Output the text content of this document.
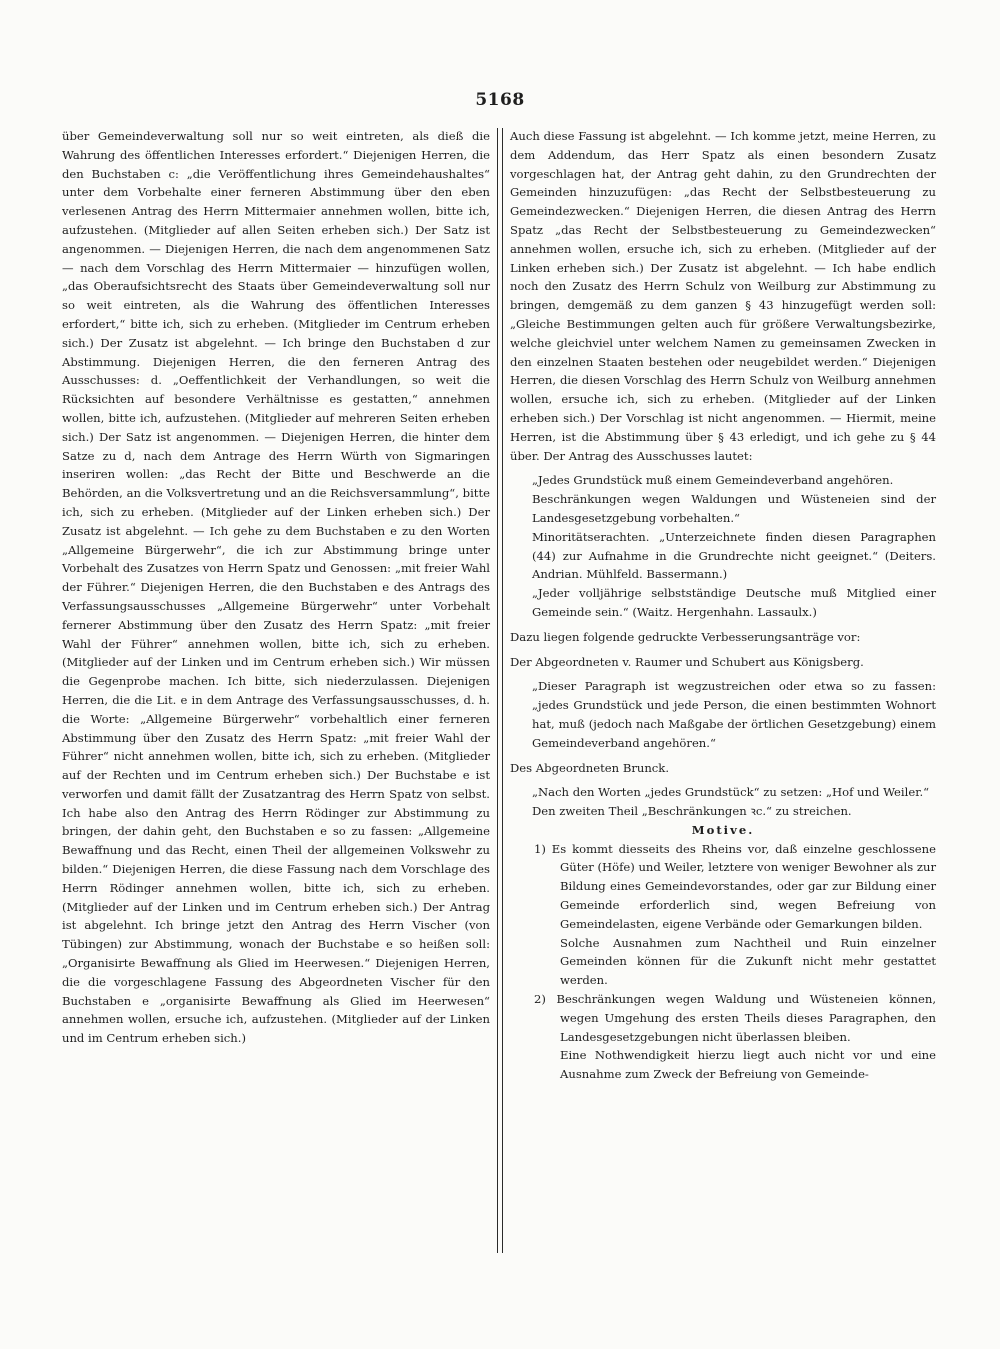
5168

über Gemeindeverwaltung soll nur so weit eintreten, als dieß die Wahrung des öffentlichen Interesses erfordert.“ Diejenigen Herren, die den Buchstaben c: „die Veröffentlichung ihres Gemeindehaushaltes“ unter dem Vorbehalte einer ferneren Abstimmung über den eben verlesenen Antrag des Herrn Mittermaier annehmen wollen, bitte ich, aufzustehen. (Mitglieder auf allen Seiten erheben sich.) Der Satz ist angenommen. — Diejenigen Herren, die nach dem angenommenen Satz — nach dem Vorschlag des Herrn Mittermaier — hinzufügen wollen, „das Oberaufsichtsrecht des Staats über Gemeindeverwaltung soll nur so weit eintreten, als die Wahrung des öffentlichen Interesses erfordert,“ bitte ich, sich zu erheben. (Mitglieder im Centrum erheben sich.) Der Zusatz ist abgelehnt. — Ich bringe den Buchstaben d zur Abstimmung. Diejenigen Herren, die den ferneren Antrag des Ausschusses: d. „Oeffentlichkeit der Verhandlungen, so weit die Rücksichten auf besondere Verhältnisse es gestatten,“ annehmen wollen, bitte ich, aufzustehen. (Mitglieder auf mehreren Seiten erheben sich.) Der Satz ist angenommen. — Diejenigen Herren, die hinter dem Satze zu d, nach dem Antrage des Herrn Würth von Sigmaringen inseriren wollen: „das Recht der Bitte und Beschwerde an die Behörden, an die Volksvertretung und an die Reichsversammlung“, bitte ich, sich zu erheben. (Mitglieder auf der Linken erheben sich.) Der Zusatz ist abgelehnt. — Ich gehe zu dem Buchstaben e zu den Worten „Allgemeine Bürgerwehr“, die ich zur Abstimmung bringe unter Vorbehalt des Zusatzes von Herrn Spatz und Genossen: „mit freier Wahl der Führer.“ Diejenigen Herren, die den Buchstaben e des Antrags des Verfassungsausschusses „Allgemeine Bürgerwehr“ unter Vorbehalt fernerer Abstimmung über den Zusatz des Herrn Spatz: „mit freier Wahl der Führer“ annehmen wollen, bitte ich, sich zu erheben. (Mitglieder auf der Linken und im Centrum erheben sich.) Wir müssen die Gegenprobe machen. Ich bitte, sich niederzulassen. Diejenigen Herren, die die Lit. e in dem Antrage des Verfassungsausschusses, d. h. die Worte: „Allgemeine Bürgerwehr“ vorbehaltlich einer ferneren Abstimmung über den Zusatz des Herrn Spatz: „mit freier Wahl der Führer“ nicht annehmen wollen, bitte ich, sich zu erheben. (Mitglieder auf der Rechten und im Centrum erheben sich.) Der Buchstabe e ist verworfen und damit fällt der Zusatzantrag des Herrn Spatz von selbst. Ich habe also den Antrag des Herrn Rödinger zur Abstimmung zu bringen, der dahin geht, den Buchstaben e so zu fassen: „Allgemeine Bewaffnung und das Recht, einen Theil der allgemeinen Volkswehr zu bilden.“ Diejenigen Herren, die diese Fassung nach dem Vorschlage des Herrn Rödinger annehmen wollen, bitte ich, sich zu erheben. (Mitglieder auf der Linken und im Centrum erheben sich.) Der Antrag ist abgelehnt. Ich bringe jetzt den Antrag des Herrn Vischer (von Tübingen) zur Abstimmung, wonach der Buchstabe e so heißen soll: „Organisirte Bewaffnung als Glied im Heerwesen.“ Diejenigen Herren, die die vorgeschlagene Fassung des Abgeordneten Vischer für den Buchstaben e „organisirte Bewaffnung als Glied im Heerwesen“ annehmen wollen, ersuche ich, aufzustehen. (Mitglieder auf der Linken und im Centrum erheben sich.)

Auch diese Fassung ist abgelehnt. — Ich komme jetzt, meine Herren, zu dem Addendum, das Herr Spatz als einen besondern Zusatz vorgeschlagen hat, der Antrag geht dahin, zu den Grundrechten der Gemeinden hinzuzufügen: „das Recht der Selbstbesteuerung zu Gemeindezwecken.“ Diejenigen Herren, die diesen Antrag des Herrn Spatz „das Recht der Selbstbesteuerung zu Gemeindezwecken“ annehmen wollen, ersuche ich, sich zu erheben. (Mitglieder auf der Linken erheben sich.) Der Zusatz ist abgelehnt. — Ich habe endlich noch den Zusatz des Herrn Schulz von Weilburg zur Abstimmung zu bringen, demgemäß zu dem ganzen § 43 hinzugefügt werden soll: „Gleiche Bestimmungen gelten auch für größere Verwaltungsbezirke, welche gleichviel unter welchem Namen zu gemeinsamen Zwecken in den einzelnen Staaten bestehen oder neugebildet werden.“ Diejenigen Herren, die diesen Vorschlag des Herrn Schulz von Weilburg annehmen wollen, ersuche ich, sich zu erheben. (Mitglieder auf der Linken erheben sich.) Der Vorschlag ist nicht angenommen. — Hiermit, meine Herren, ist die Abstimmung über § 43 erledigt, und ich gehe zu § 44 über. Der Antrag des Ausschusses lautet:

„Jedes Grundstück muß einem Gemeindeverband angehören.

Beschränkungen wegen Waldungen und Wüsteneien sind der Landesgesetzgebung vorbehalten.“

Minoritätserachten. „Unterzeichnete finden diesen Paragraphen (44) zur Aufnahme in die Grundrechte nicht geeignet.“ (Deiters. Andrian. Mühlfeld. Bassermann.)

„Jeder volljährige selbstständige Deutsche muß Mitglied einer Gemeinde sein.“ (Waitz. Hergenhahn. Lassaulx.)

Dazu liegen folgende gedruckte Verbesserungsanträge vor:

Der Abgeordneten v. Raumer und Schubert aus Königsberg.

„Dieser Paragraph ist wegzustreichen oder etwa so zu fassen: „jedes Grundstück und jede Person, die einen bestimmten Wohnort hat, muß (jedoch nach Maßgabe der örtlichen Gesetzgebung) einem Gemeindeverband angehören.“

Des Abgeordneten Brunck.

„Nach den Worten „jedes Grundstück“ zu setzen: „Hof und Weiler.“

Den zweiten Theil „Beschränkungen ꝛc.“ zu streichen.

Motive.

1) Es kommt diesseits des Rheins vor, daß einzelne geschlossene Güter (Höfe) und Weiler, letztere von weniger Bewohner als zur Bildung eines Gemeindevorstandes, oder gar zur Bildung einer Gemeinde erforderlich sind, wegen Befreiung von Gemeindelasten, eigene Verbände oder Gemarkungen bilden.

Solche Ausnahmen zum Nachtheil und Ruin einzelner Gemeinden können für die Zukunft nicht mehr gestattet werden.

2) Beschränkungen wegen Waldung und Wüsteneien können, wegen Umgehung des ersten Theils dieses Paragraphen, den Landesgesetzgebungen nicht überlassen bleiben.

Eine Nothwendigkeit hierzu liegt auch nicht vor und eine Ausnahme zum Zweck der Befreiung von Gemeinde-
